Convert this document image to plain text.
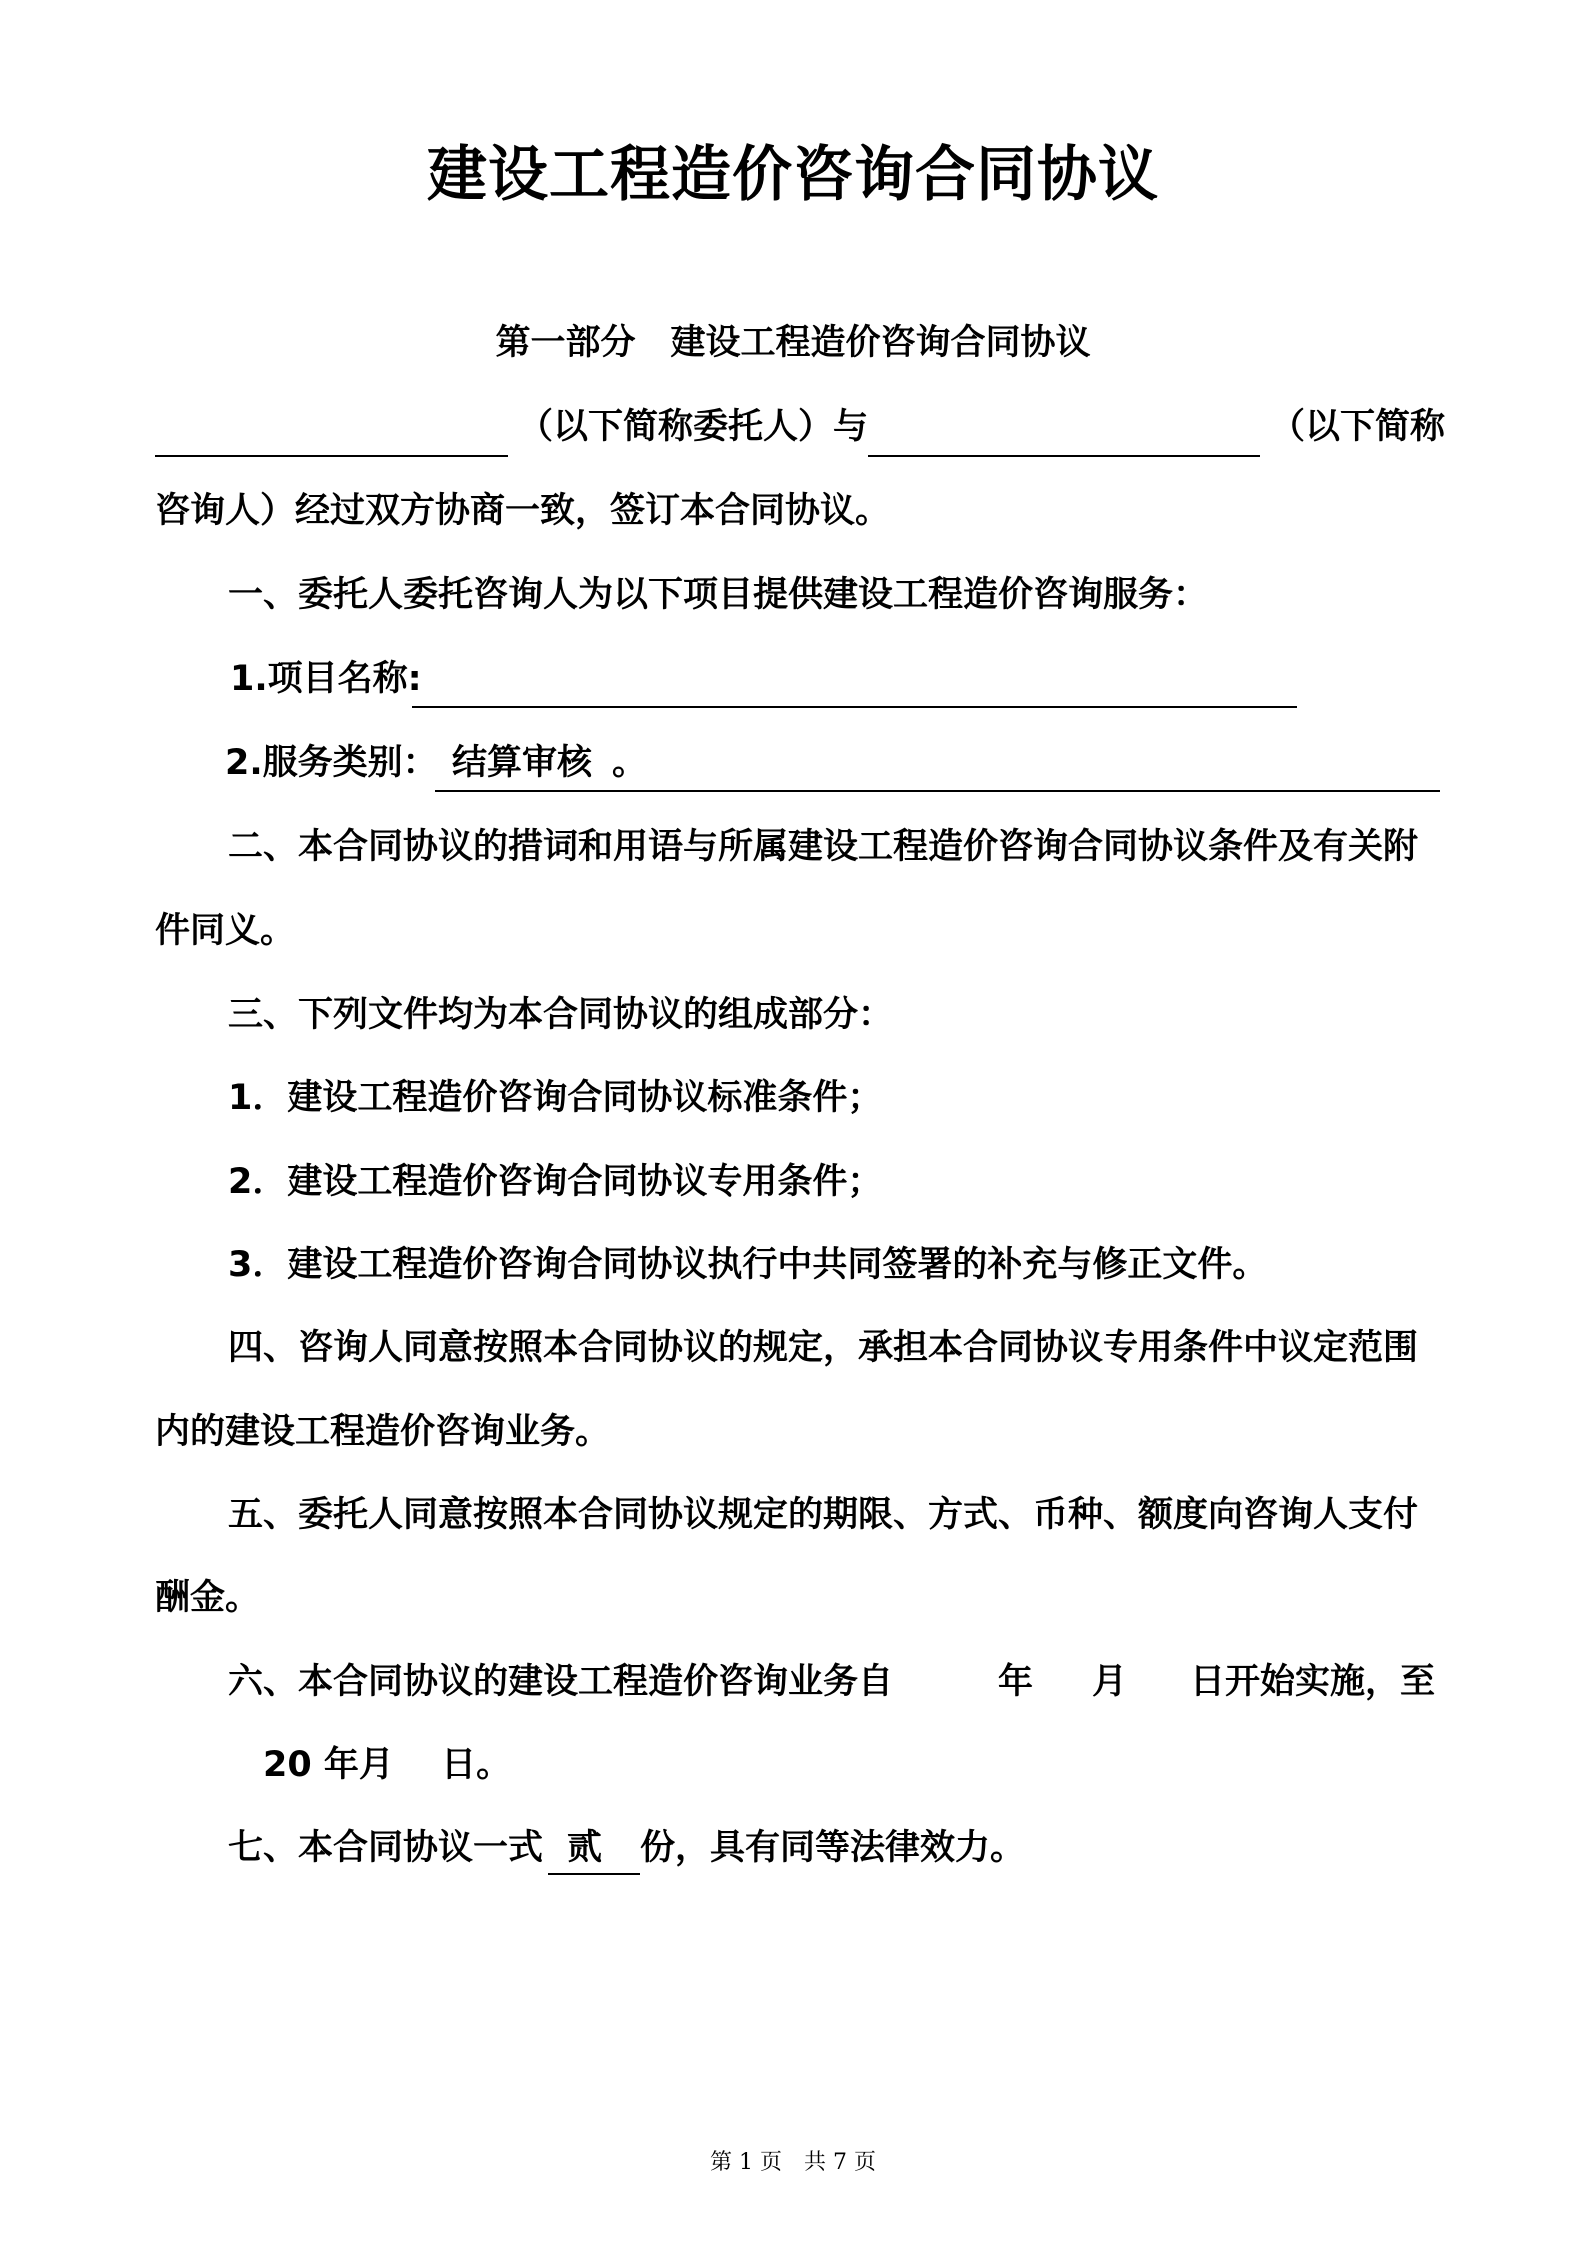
建设工程造价咨询合同协议
第一部分　建设工程造价咨询合同协议
（以下简称委托人）与	（以下简称
咨询人）经过双方协商一致，签订本合同协议。
一、委托人委托咨询人为以下项目提供建设工程造价咨询服务：
1.项目名称:
2.服务类别： 结算审核 。
二、本合同协议的措词和用语与所属建设工程造价咨询合同协议条件及有关附
件同义。
三、下列文件均为本合同协议的组成部分：
1．建设工程造价咨询合同协议标准条件；
2．建设工程造价咨询合同协议专用条件；
3．建设工程造价咨询合同协议执行中共同签署的补充与修正文件。
四、咨询人同意按照本合同协议的规定，承担本合同协议专用条件中议定范围
内的建设工程造价咨询业务。
五、委托人同意按照本合同协议规定的期限、方式、币种、额度向咨询人支付
酬金。
六、本合同协议的建设工程造价咨询业务自	年 月 日开始实施，至
20 年月　 日。
七、本合同协议一式 贰 份，具有同等法律效力。
第 1 页　共 7 页
